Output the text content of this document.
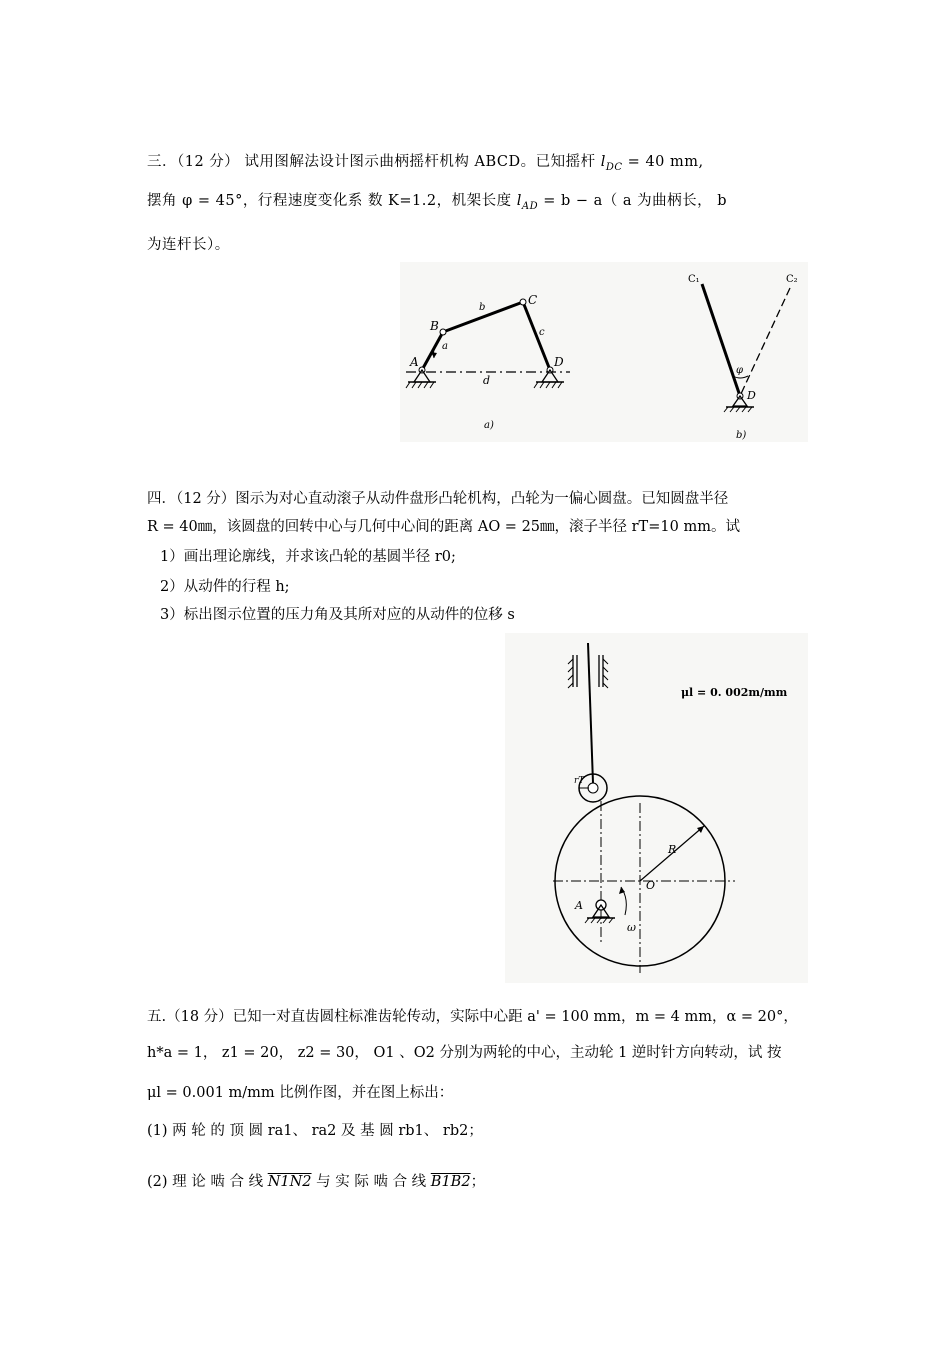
三．（12 分） 试用图解法设计图示曲柄摇杆机构 ABCD。已知摇杆 $l_{DC} = 40$ mm,
摆角 φ = 45°，行程速度变化系 数 K=1.2，机架长度 $l_{AD} = b - a$（ a 为曲柄长， b
为连杆长）。
A
B
C
D
a
b
c
d
a)
C₁	C₂
φ
D
b)
四．（12 分）图示为对心直动滚子从动件盘形凸轮机构，凸轮为一偏心圆盘。已知圆盘半径
R = 40㎜，该圆盘的回转中心与几何中心间的距离 AO = 25㎜，滚子半径 rT=10 mm。试
1）画出理论廓线，并求该凸轮的基圆半径 r0;
2）从动件的行程 h;
3）标出图示位置的压力角及其所对应的从动件的位移 s
rT
R
O
A
ω
μl = 0. 002m/mm
五.（18 分）已知一对直齿圆柱标准齿轮传动，实际中心距 a' = 100 mm，m = 4 mm，α = 20°，
h*a = 1， z1 = 20， z2 = 30， O1 、O2 分别为两轮的中心，主动轮 1 逆时针方向转动，试 按
μl = 0.001 m/mm 比例作图，并在图上标出：
(1) 两 轮 的 顶 圆 ra1、 ra2 及 基 圆 rb1、 rb2；
(2) 理 论 啮 合 线 N1N2 与 实 际 啮 合 线 B1B2；
